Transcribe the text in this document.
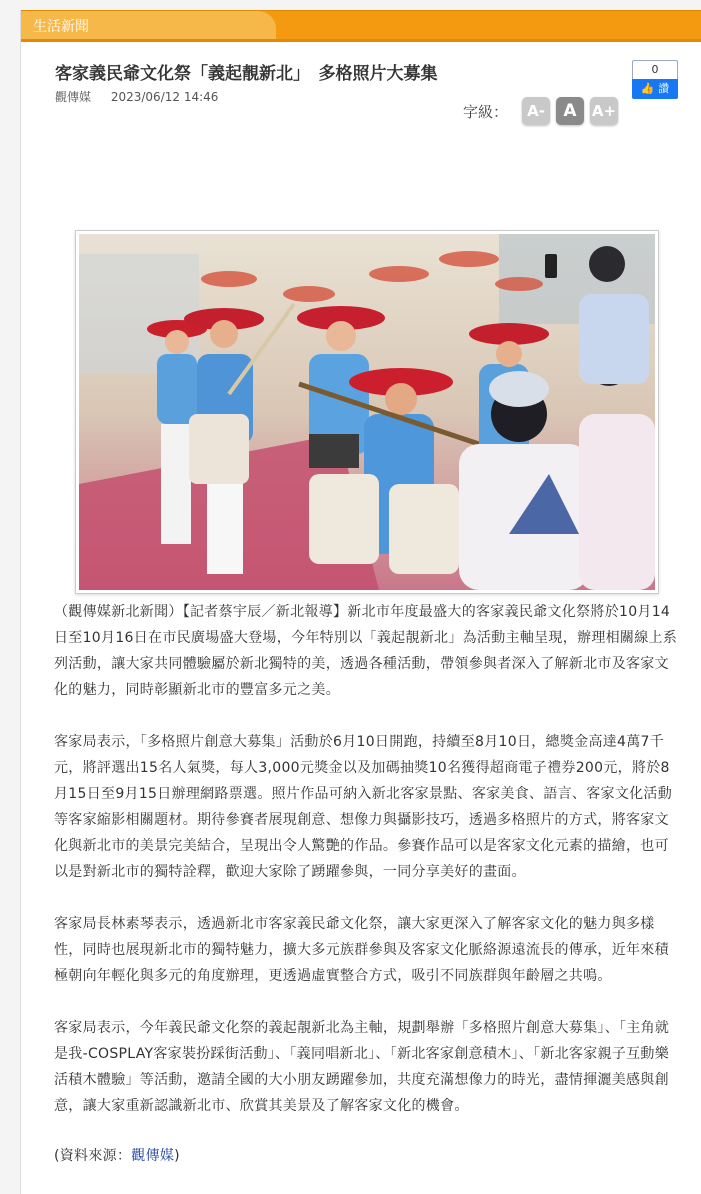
生活新聞
客家義民爺文化祭「義起靚新北」　多格照片大募集
觀傳媒 2023/06/12 14:46
0
👍 讚
字級：	A-	A	A+

（觀傳媒新北新聞）【記者蔡宇辰／新北報導】新北市年度最盛大的客家義民爺文化祭將於10月14日至10月16日在市民廣場盛大登場，今年特別以「義起靚新北」為活動主軸呈現，辦理相關線上系列活動，讓大家共同體驗屬於新北獨特的美，透過各種活動，帶領參與者深入了解新北市及客家文化的魅力，同時彰顯新北市的豐富多元之美。

客家局表示，「多格照片創意大募集」活動於6月10日開跑，持續至8月10日，總獎金高達4萬7千元，將評選出15名人氣獎，每人3,000元獎金以及加碼抽獎10名獲得超商電子禮券200元，將於8月15日至9月15日辦理網路票選。照片作品可納入新北客家景點、客家美食、語言、客家文化活動等客家縮影相關題材。期待參賽者展現創意、想像力與攝影技巧，透過多格照片的方式，將客家文化與新北市的美景完美結合，呈現出令人驚艷的作品。參賽作品可以是客家文化元素的描繪，也可以是對新北市的獨特詮釋，歡迎大家除了踴躍參與，一同分享美好的畫面。

客家局長林素琴表示，透過新北市客家義民爺文化祭，讓大家更深入了解客家文化的魅力與多樣性，同時也展現新北市的獨特魅力，擴大多元族群參與及客家文化脈絡源遠流長的傳承，近年來積極朝向年輕化與多元的角度辦理，更透過虛實整合方式，吸引不同族群與年齡層之共鳴。

客家局表示，今年義民爺文化祭的義起靚新北為主軸，規劃舉辦「多格照片創意大募集」、「主角就是我-COSPLAY客家裝扮踩街活動」、「義同唱新北」、「新北客家創意積木」、「新北客家親子互動樂活積木體驗」等活動，邀請全國的大小朋友踴躍參加，共度充滿想像力的時光，盡情揮灑美感與創意，讓大家重新認識新北市、欣賞其美景及了解客家文化的機會。

(資料來源：觀傳媒)
